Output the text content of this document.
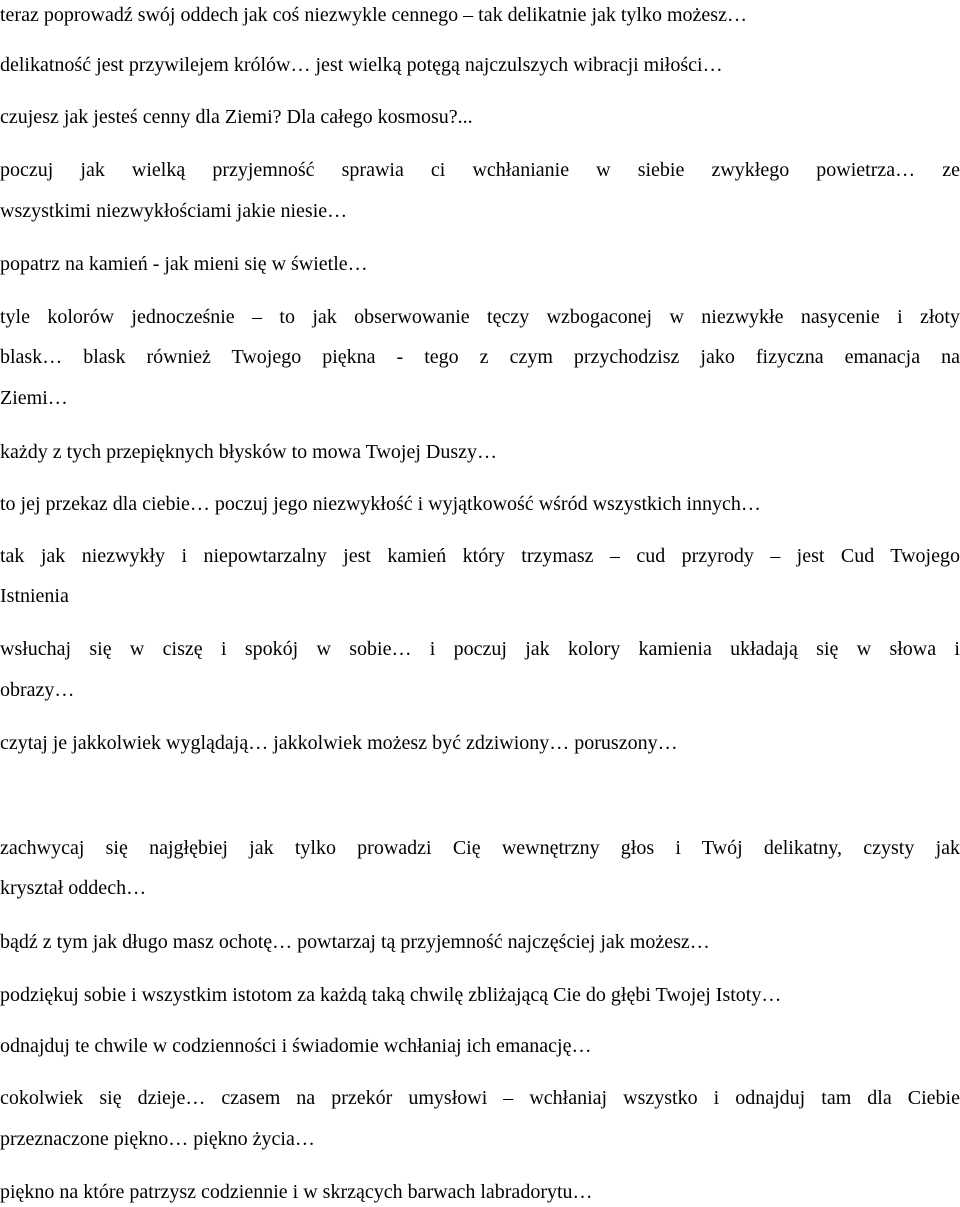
teraz poprowadź swój oddech jak coś niezwykle cennego – tak delikatnie jak tylko możesz…
delikatność jest przywilejem królów… jest wielką potęgą najczulszych wibracji miłości…
czujesz jak jesteś cenny dla Ziemi? Dla całego kosmosu?...
poczuj jak wielką przyjemność sprawia ci wchłanianie w siebie zwykłego powietrza… ze
wszystkimi niezwykłościami jakie niesie…
popatrz na kamień - jak mieni się w świetle…
tyle kolorów jednocześnie – to jak obserwowanie tęczy wzbogaconej w niezwykłe nasycenie i złoty
blask… blask również Twojego piękna - tego z czym przychodzisz jako fizyczna emanacja na
Ziemi…
każdy z tych przepięknych błysków to mowa Twojej Duszy…
to jej przekaz dla ciebie… poczuj jego niezwykłość i wyjątkowość wśród wszystkich innych…
tak jak niezwykły i niepowtarzalny jest kamień który trzymasz – cud przyrody – jest Cud Twojego
Istnienia
wsłuchaj się w ciszę i spokój w sobie… i poczuj jak kolory kamienia układają się w słowa i
obrazy…
czytaj je jakkolwiek wyglądają… jakkolwiek możesz być zdziwiony… poruszony…
zachwycaj się najgłębiej jak tylko prowadzi Cię wewnętrzny głos i Twój delikatny, czysty jak
kryształ oddech…
bądź z tym jak długo masz ochotę… powtarzaj tą przyjemność najczęściej jak możesz…
podziękuj sobie i wszystkim istotom za każdą taką chwilę zbliżającą Cie do głębi Twojej Istoty…
odnajduj te chwile w codzienności i świadomie wchłaniaj ich emanację…
cokolwiek się dzieje… czasem na przekór umysłowi – wchłaniaj wszystko i odnajduj tam dla Ciebie
przeznaczone piękno… piękno życia…
piękno na które patrzysz codziennie i w skrzących barwach labradorytu…
